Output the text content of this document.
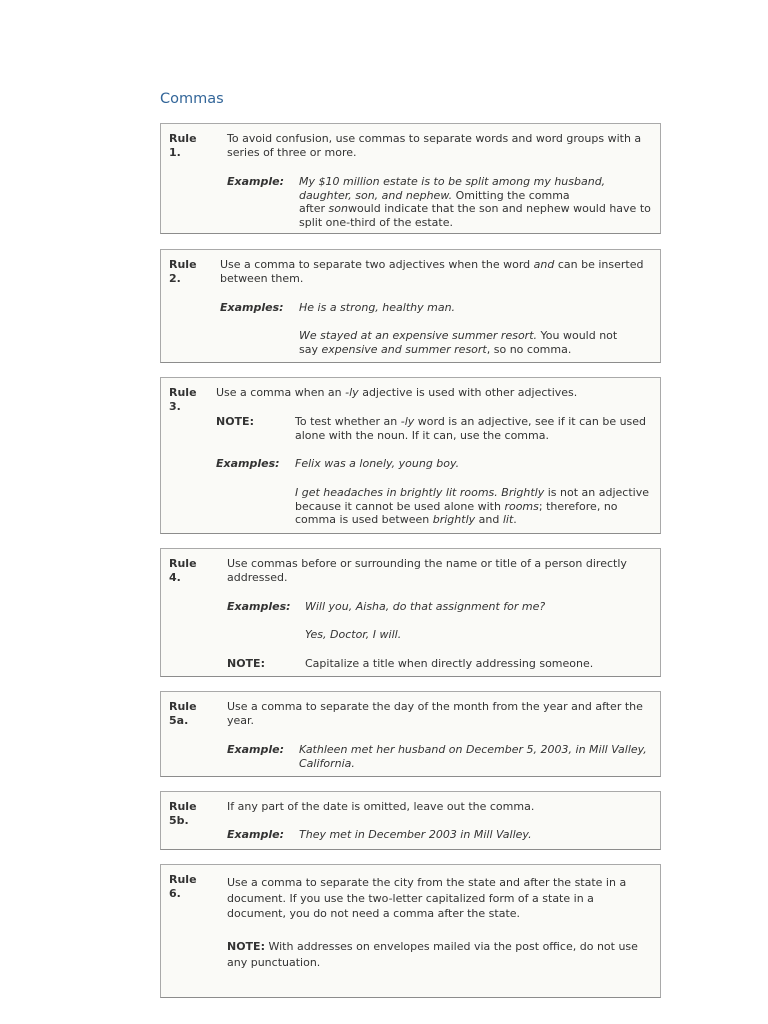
Commas
Rule
1.
To avoid confusion, use commas to separate words and word groups with a
series of three or more.
Example: My $10 million estate is to be split among my husband,
daughter, son, and nephew. Omitting the comma
after sonwould indicate that the son and nephew would have to
split one-third of the estate.
Rule
2.
Use a comma to separate two adjectives when the word and can be inserted
between them.
Examples: He is a strong, healthy man.
We stayed at an expensive summer resort. You would not
say expensive and summer resort, so no comma.
Rule
3.
Use a comma when an -ly adjective is used with other adjectives.
NOTE:	To test whether an -ly word is an adjective, see if it can be used
alone with the noun. If it can, use the comma.
Examples: Felix was a lonely, young boy.
I get headaches in brightly lit rooms. Brightly is not an adjective
because it cannot be used alone with rooms; therefore, no
comma is used between brightly and lit.
Rule
4.
Use commas before or surrounding the name or title of a person directly
addressed.
Examples: Will you, Aisha, do that assignment for me?
Yes, Doctor, I will.
NOTE:	Capitalize a title when directly addressing someone.
Rule
5a.
Use a comma to separate the day of the month from the year and after the
year.
Example: Kathleen met her husband on December 5, 2003, in Mill Valley,
California.
Rule
5b.
If any part of the date is omitted, leave out the comma.
Example: They met in December 2003 in Mill Valley.
Rule
6.
Use a comma to separate the city from the state and after the state in a
document. If you use the two-letter capitalized form of a state in a
document, you do not need a comma after the state.
NOTE: With addresses on envelopes mailed via the post office, do not use
any punctuation.
